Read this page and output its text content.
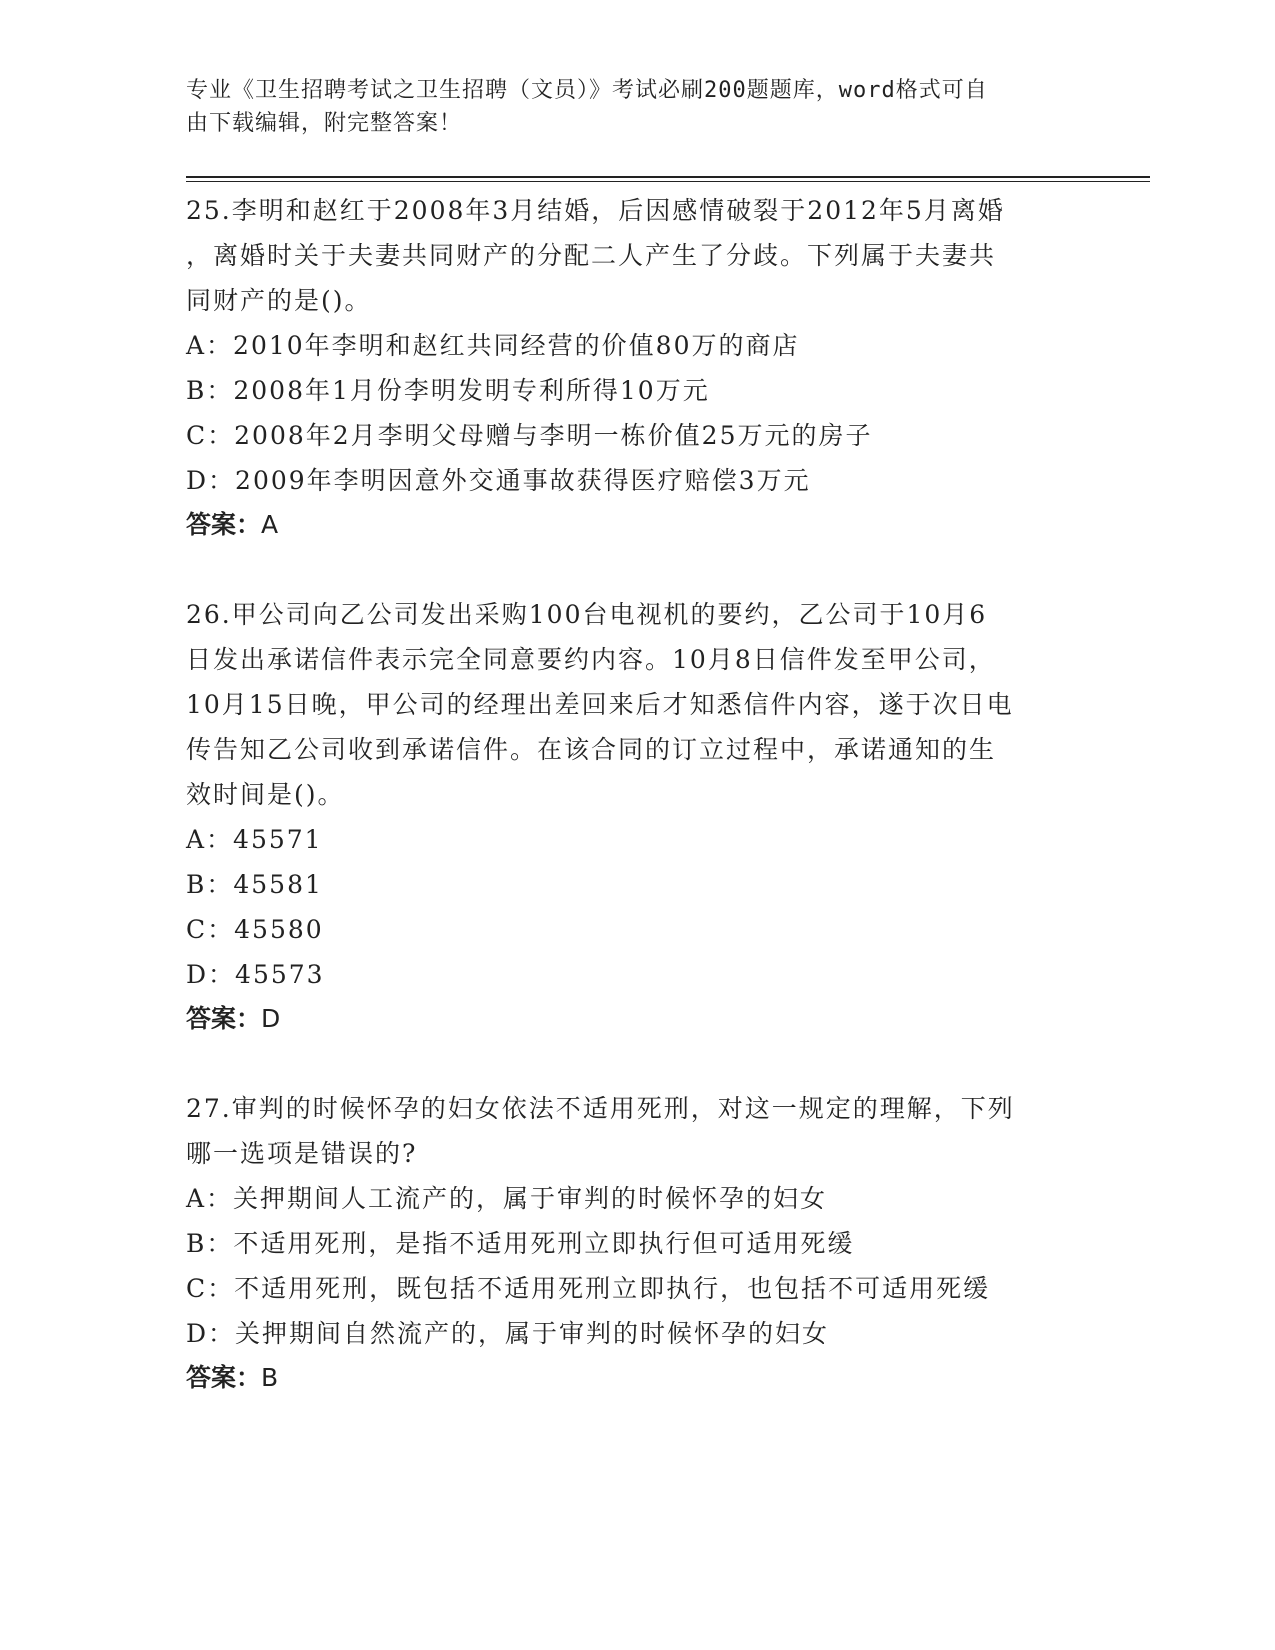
专业《卫生招聘考试之卫生招聘（文员）》考试必刷200题题库，word格式可自
由下载编辑，附完整答案！
25.李明和赵红于2008年3月结婚，后因感情破裂于2012年5月离婚
，离婚时关于夫妻共同财产的分配二人产生了分歧。下列属于夫妻共
同财产的是()。
A：2010年李明和赵红共同经营的价值80万的商店
B：2008年1月份李明发明专利所得10万元
C：2008年2月李明父母赠与李明一栋价值25万元的房子
D：2009年李明因意外交通事故获得医疗赔偿3万元
答案：A
26.甲公司向乙公司发出采购100台电视机的要约，乙公司于10月6
日发出承诺信件表示完全同意要约内容。10月8日信件发至甲公司，
10月15日晚，甲公司的经理出差回来后才知悉信件内容，遂于次日电
传告知乙公司收到承诺信件。在该合同的订立过程中，承诺通知的生
效时间是()。
A：45571
B：45581
C：45580
D：45573
答案：D
27.审判的时候怀孕的妇女依法不适用死刑，对这一规定的理解，下列
哪一选项是错误的?
A：关押期间人工流产的，属于审判的时候怀孕的妇女
B：不适用死刑，是指不适用死刑立即执行但可适用死缓
C：不适用死刑，既包括不适用死刑立即执行，也包括不可适用死缓
D：关押期间自然流产的，属于审判的时候怀孕的妇女
答案：B
